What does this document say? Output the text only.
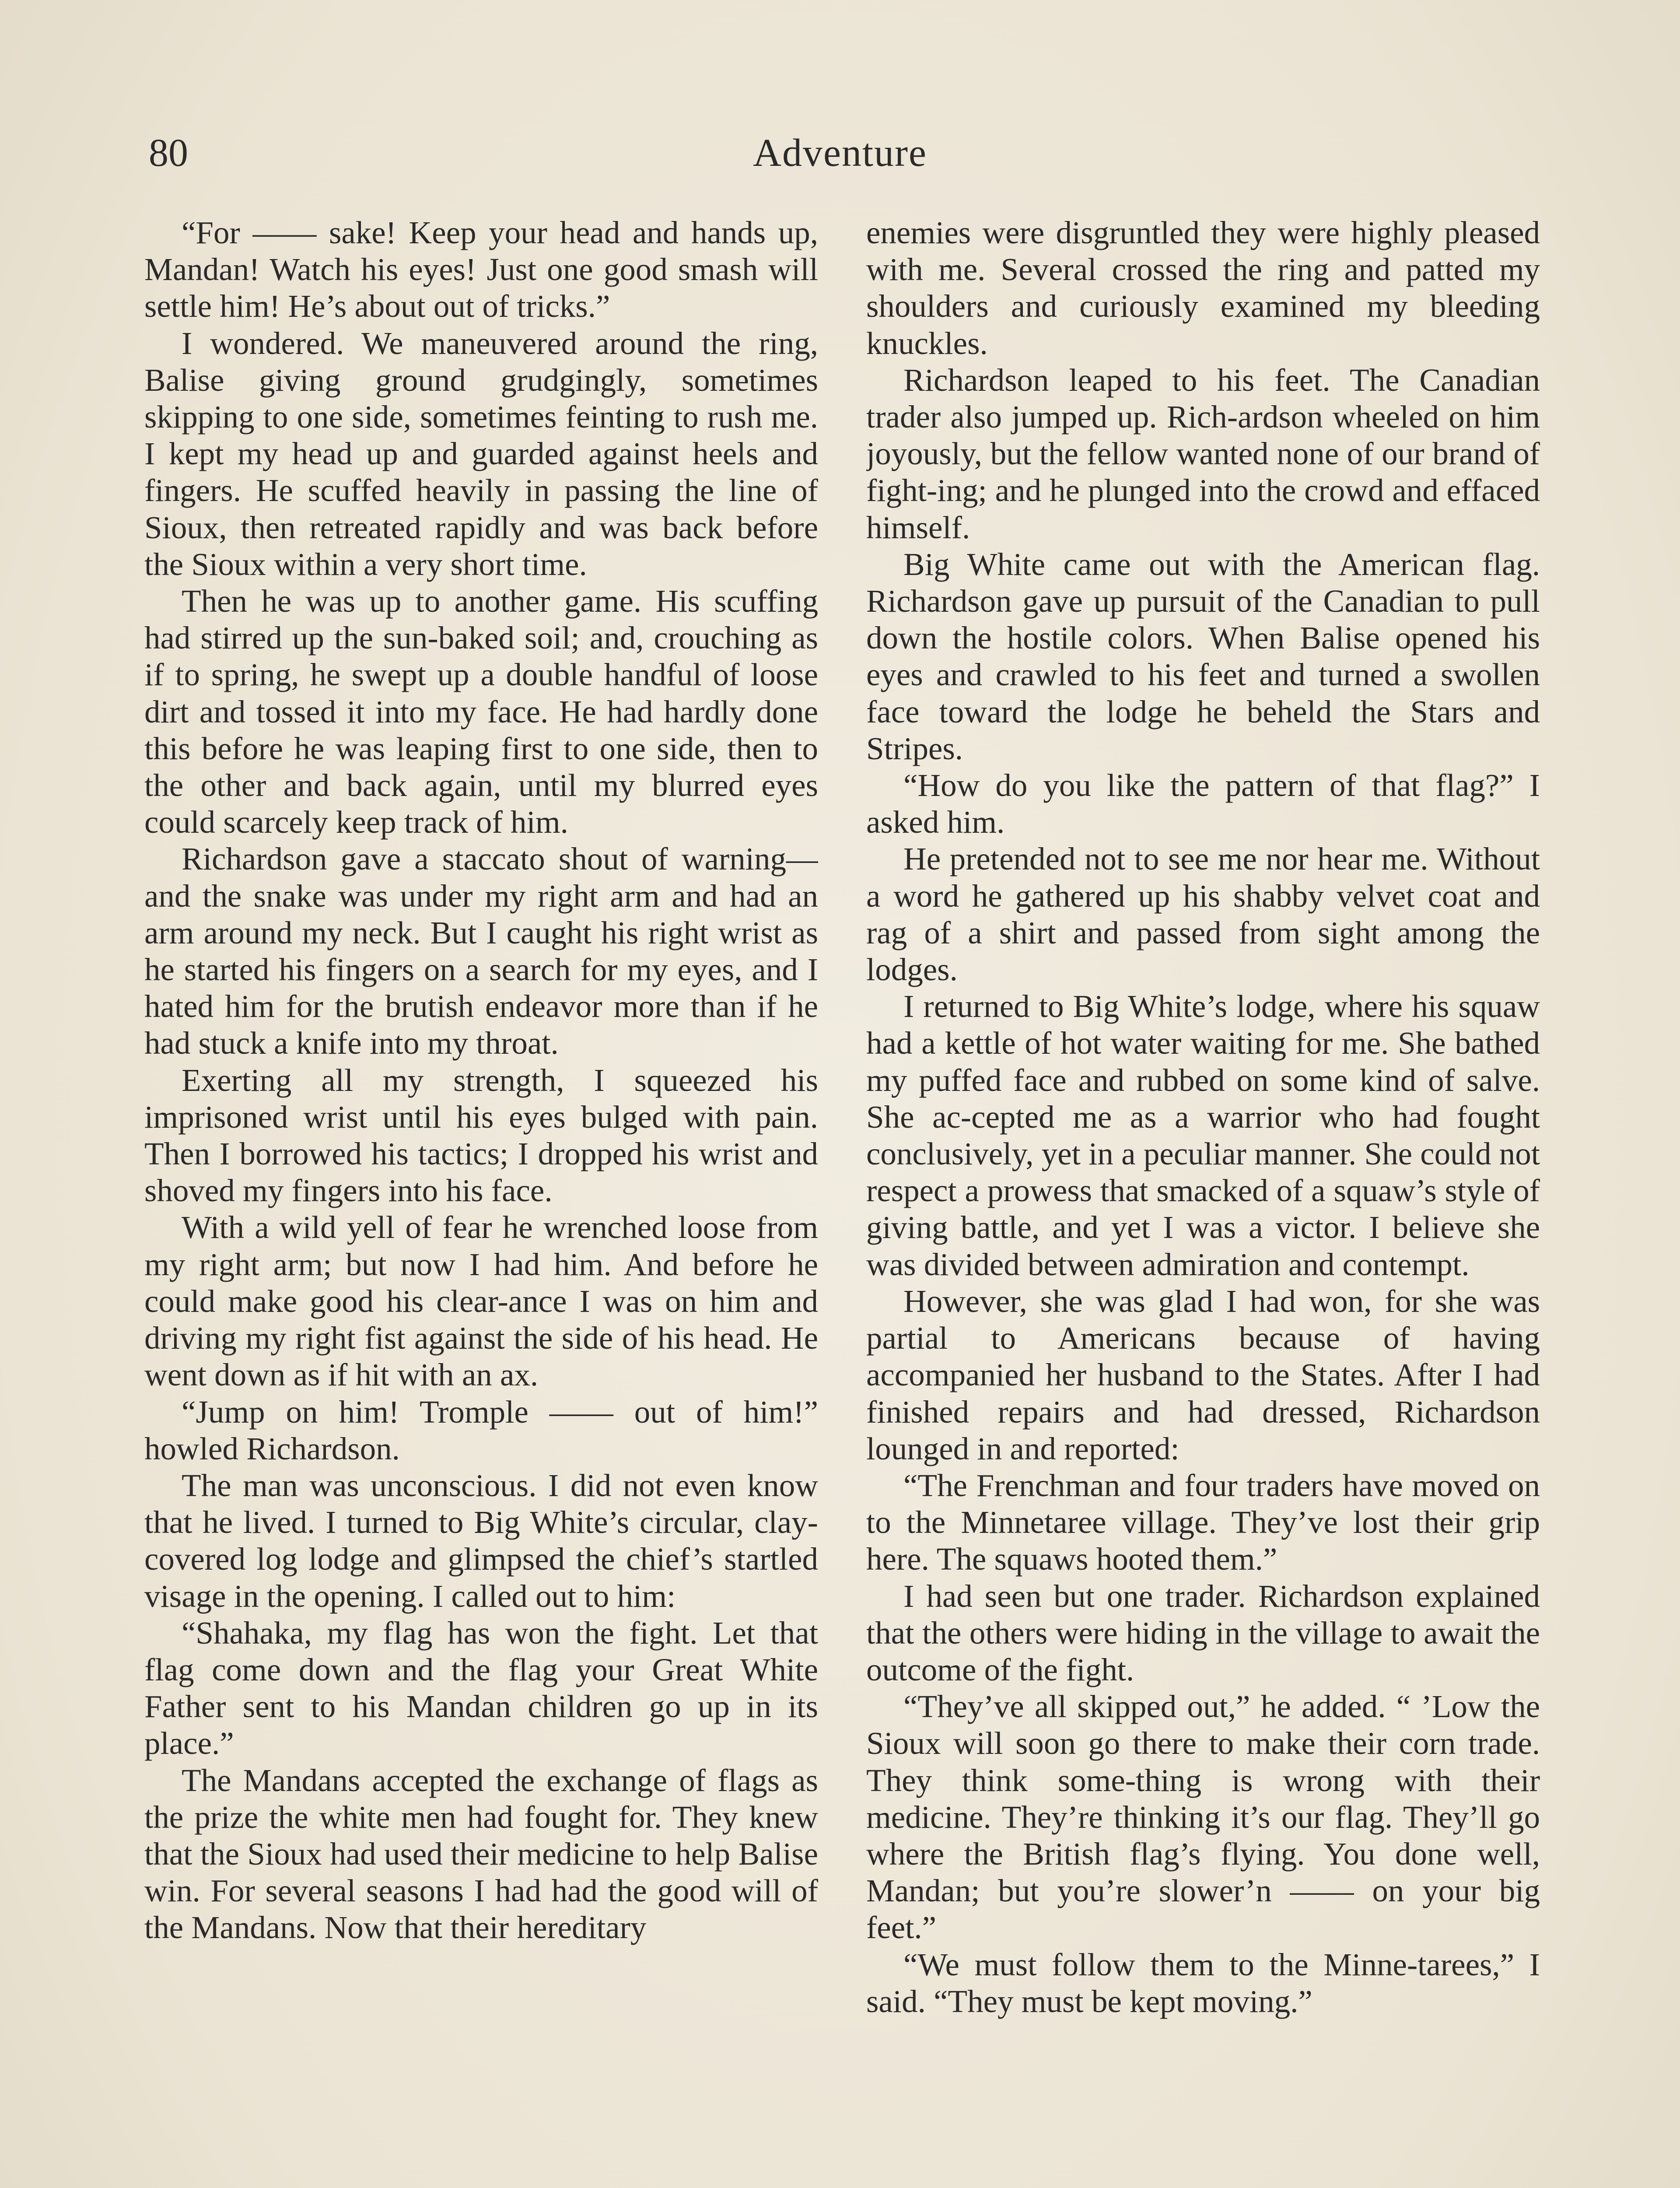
80	Adventure

“For —— sake! Keep your head and hands up, Mandan! Watch his eyes! Just one good smash will settle him! He’s about out of tricks.”

I wondered. We maneuvered around the ring, Balise giving ground grudgingly, sometimes skipping to one side, sometimes feinting to rush me. I kept my head up and guarded against heels and fingers. He scuffed heavily in passing the line of Sioux, then retreated rapidly and was back before the Sioux within a very short time.

Then he was up to another game. His scuffing had stirred up the sun-baked soil; and, crouching as if to spring, he swept up a double handful of loose dirt and tossed it into my face. He had hardly done this before he was leaping first to one side, then to the other and back again, until my blurred eyes could scarcely keep track of him.

Richardson gave a staccato shout of warning—and the snake was under my right arm and had an arm around my neck. But I caught his right wrist as he started his fingers on a search for my eyes, and I hated him for the brutish endeavor more than if he had stuck a knife into my throat.

Exerting all my strength, I squeezed his imprisoned wrist until his eyes bulged with pain. Then I borrowed his tactics; I dropped his wrist and shoved my fingers into his face.

With a wild yell of fear he wrenched loose from my right arm; but now I had him. And before he could make good his clear-ance I was on him and driving my right fist against the side of his head. He went down as if hit with an ax.

“Jump on him! Tromple —— out of him!” howled Richardson.

The man was unconscious. I did not even know that he lived. I turned to Big White’s circular, clay-covered log lodge and glimpsed the chief’s startled visage in the opening. I called out to him:

“Shahaka, my flag has won the fight. Let that flag come down and the flag your Great White Father sent to his Mandan children go up in its place.”

The Mandans accepted the exchange of flags as the prize the white men had fought for. They knew that the Sioux had used their medicine to help Balise win. For several seasons I had had the good will of the Mandans. Now that their hereditary

enemies were disgruntled they were highly pleased with me. Several crossed the ring and patted my shoulders and curiously examined my bleeding knuckles.

Richardson leaped to his feet. The Canadian trader also jumped up. Rich-ardson wheeled on him joyously, but the fellow wanted none of our brand of fight-ing; and he plunged into the crowd and effaced himself.

Big White came out with the American flag. Richardson gave up pursuit of the Canadian to pull down the hostile colors. When Balise opened his eyes and crawled to his feet and turned a swollen face toward the lodge he beheld the Stars and Stripes.

“How do you like the pattern of that flag?” I asked him.

He pretended not to see me nor hear me. Without a word he gathered up his shabby velvet coat and rag of a shirt and passed from sight among the lodges.

I returned to Big White’s lodge, where his squaw had a kettle of hot water waiting for me. She bathed my puffed face and rubbed on some kind of salve. She ac-cepted me as a warrior who had fought conclusively, yet in a peculiar manner. She could not respect a prowess that smacked of a squaw’s style of giving battle, and yet I was a victor. I believe she was divided between admiration and contempt.

However, she was glad I had won, for she was partial to Americans because of having accompanied her husband to the States. After I had finished repairs and had dressed, Richardson lounged in and reported:

“The Frenchman and four traders have moved on to the Minnetaree village. They’ve lost their grip here. The squaws hooted them.”

I had seen but one trader. Richardson explained that the others were hiding in the village to await the outcome of the fight.

“They’ve all skipped out,” he added. “ ’Low the Sioux will soon go there to make their corn trade. They think some-thing is wrong with their medicine. They’re thinking it’s our flag. They’ll go where the British flag’s flying. You done well, Mandan; but you’re slower’n —— on your big feet.”

“We must follow them to the Minne-tarees,” I said. “They must be kept moving.”
